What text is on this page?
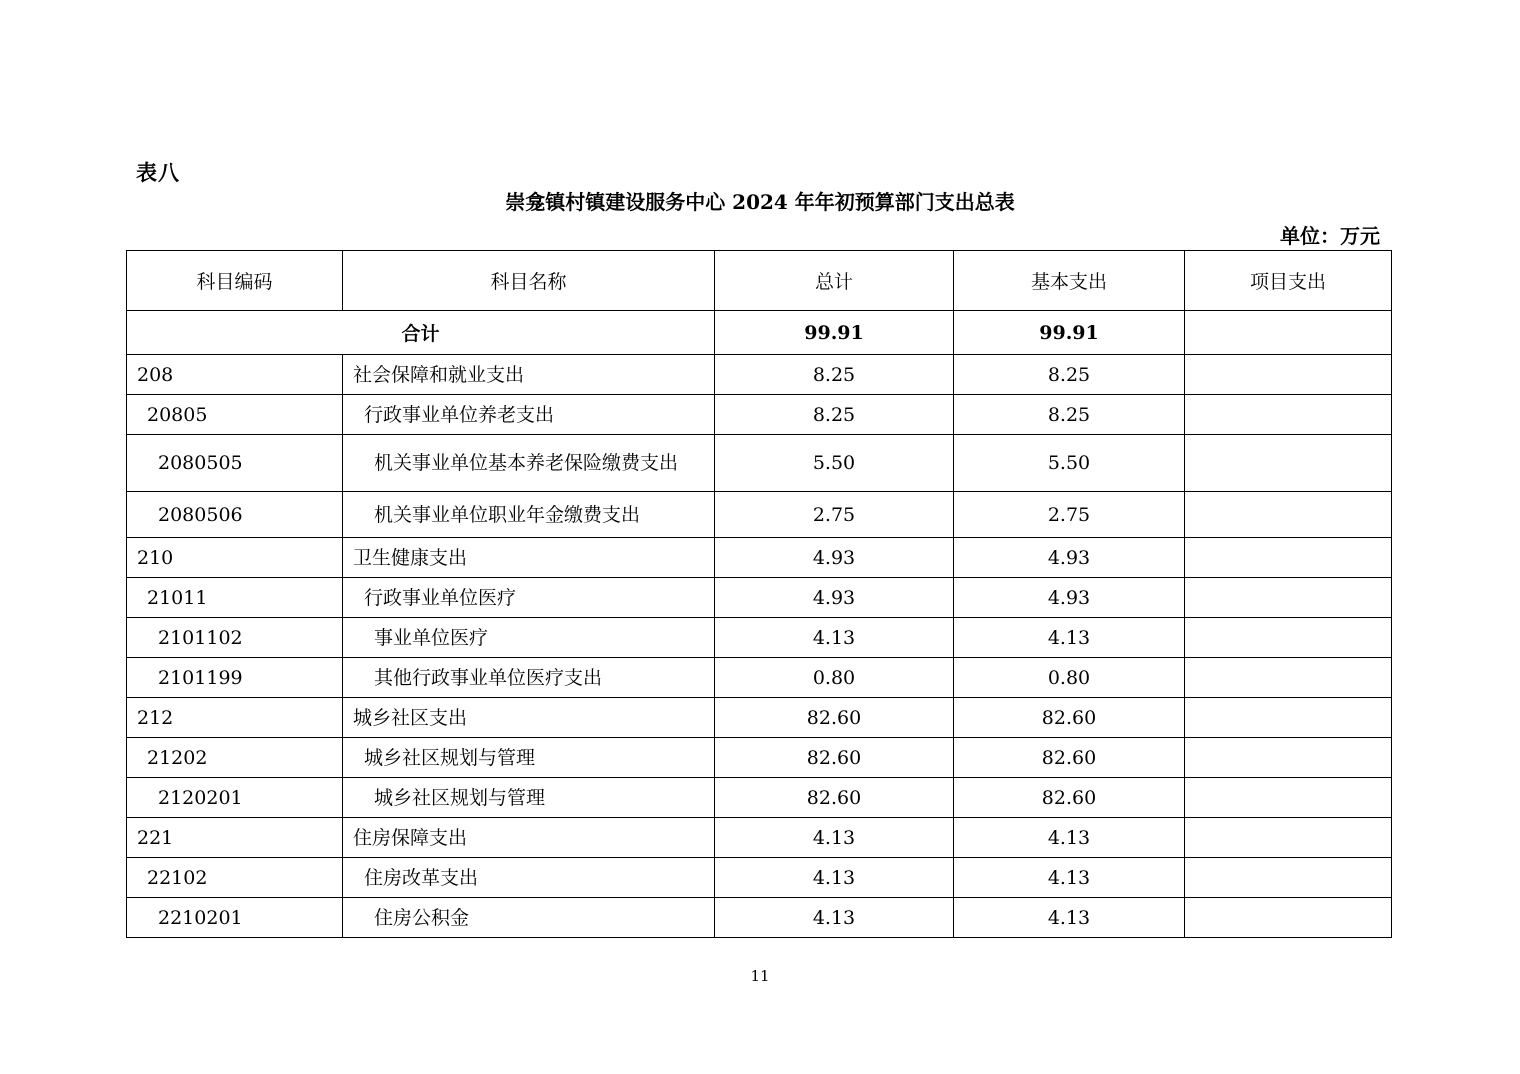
表八
崇龛镇村镇建设服务中心 2024 年年初预算部门支出总表
单位：万元
科目编码	科目名称	总计	基本支出	项目支出
合计		99.91	99.91	
208	社会保障和就业支出	8.25	8.25	
20805	行政事业单位养老支出	8.25	8.25	
2080505	机关事业单位基本养老保险缴费支出	5.50	5.50	
2080506	机关事业单位职业年金缴费支出	2.75	2.75	
210	卫生健康支出	4.93	4.93	
21011	行政事业单位医疗	4.93	4.93	
2101102	事业单位医疗	4.13	4.13	
2101199	其他行政事业单位医疗支出	0.80	0.80	
212	城乡社区支出	82.60	82.60	
21202	城乡社区规划与管理	82.60	82.60	
2120201	城乡社区规划与管理	82.60	82.60	
221	住房保障支出	4.13	4.13	
22102	住房改革支出	4.13	4.13	
2210201	住房公积金	4.13	4.13	
11
